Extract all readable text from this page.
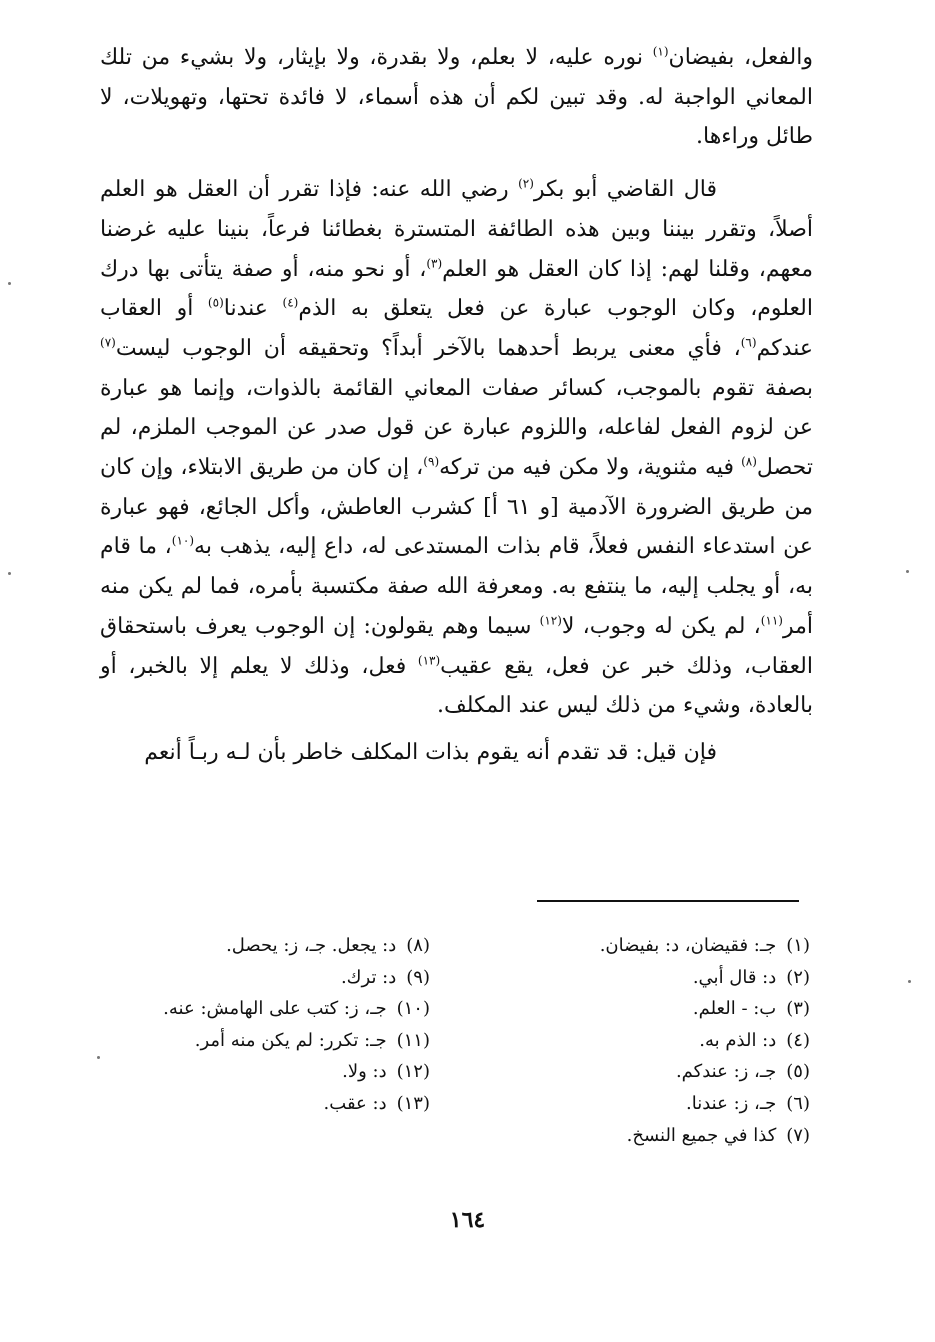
والفعل، بفيضان$^{(١)}$ نوره عليه، لا بعلم، ولا بقدرة، ولا بإيثار، ولا بشيء من تلك المعاني الواجبة له. وقد تبين لكم أن هذه أسماء، لا فائدة تحتها، وتهويلات، لا طائل وراءها.

قال القاضي أبو بكر$^{(٢)}$ رضي الله عنه: فإذا تقرر أن العقل هو العلم أصلاً، وتقرر بيننا وبين هذه الطائفة المتسترة بغطائنا فرعاً، بنينا عليه غرضنا معهم، وقلنا لهم: إذا كان العقل هو العلم$^{(٣)}$، أو نحو منه، أو صفة يتأتى بها درك العلوم، وكان الوجوب عبارة عن فعل يتعلق به الذم$^{(٤)}$ عندنا$^{(٥)}$ أو العقاب عندكم$^{(٦)}$، فأي معنى يربط أحدهما بالآخر أبداً؟ وتحقيقه أن الوجوب ليست$^{(٧)}$ بصفة تقوم بالموجب، كسائر صفات المعاني القائمة بالذوات، وإنما هو عبارة عن لزوم الفعل لفاعله، واللزوم عبارة عن قول صدر عن الموجب الملزم، لم تحصل$^{(٨)}$ فيه مثنوية، ولا مكن فيه من تركه$^{(٩)}$، إن كان من طريق الابتلاء، وإن كان من طريق الضرورة الآدمية [و ٦١ أ] كشرب العاطش، وأكل الجائع، فهو عبارة عن استدعاء النفس فعلاً، قام بذات المستدعى له، داع إليه، يذهب به$^{(١٠)}$، ما قام به، أو يجلب إليه، ما ينتفع به. ومعرفة الله صفة مكتسبة بأمره، فما لم يكن منه أمر$^{(١١)}$، لم يكن له وجوب، لا$^{(١٢)}$ سيما وهم يقولون: إن الوجوب يعرف باستحقاق العقاب، وذلك خبر عن فعل، يقع عقيب$^{(١٣)}$ فعل، وذلك لا يعلم إلا بالخبر، أو بالعادة، وشيء من ذلك ليس عند المكلف.

فإن قيل: قد تقدم أنه يقوم بذات المكلف خاطر بأن لـه ربـاً أنعم

(١)جـ: فقيضان، د: بفيضان.
(٢)د: قال أبي.
(٣)ب: - العلم.
(٤)د: الذم به.
(٥)جـ، ز: عندكم.
(٦)جـ، ز: عندنا.
(٧)كذا في جميع النسخ.
(٨)د: يجعل. جـ، ز: يحصل.
(٩)د: ترك.
(١٠)جـ، ز: كتب على الهامش: عنه.
(١١)جـ: تكرر: لم يكن منه أمر.
(١٢)د: ولا.
(١٣)د: عقب.
١٦٤
